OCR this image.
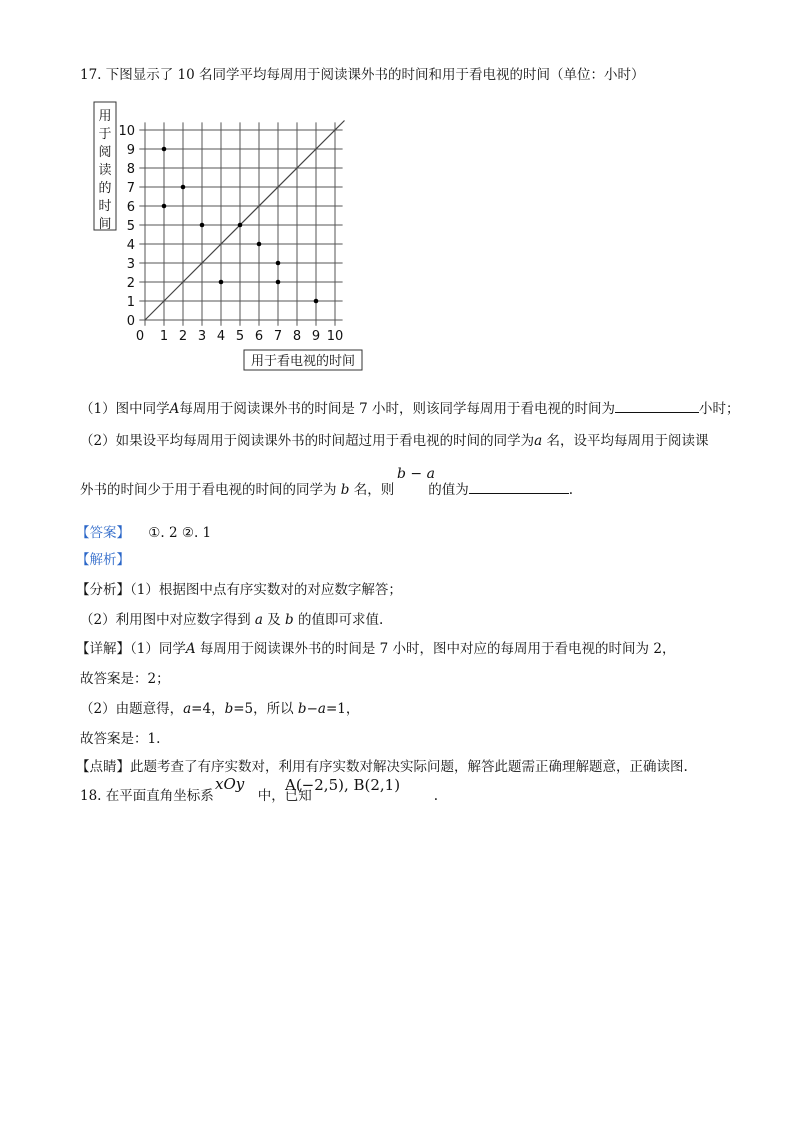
17. 下图显示了 10 名同学平均每周用于阅读课外书的时间和用于看电视的时间（单位：小时）
用于阅读的时间
用于看电视的时间
0 1 2 3 4 5 6 7 8 9 10
0
1
2
3
4
5
6
7
8
9
10
（1）图中同学A每周用于阅读课外书的时间是 7 小时，则该同学每周用于看电视的时间为	小时；
（2）如果设平均每周用于阅读课外书的时间超过用于看电视的时间的同学为a 名，设平均每周用于阅读课
外书的时间少于用于看电视的时间的同学为 b 名，则	的值为	.
b − a
【答案】 ①. 2 ②. 1
【解析】
【分析】（1）根据图中点有序实数对的对应数字解答；
（2）利用图中对应数字得到 a 及 b 的值即可求值.
【详解】（1）同学A 每周用于阅读课外书的时间是 7 小时，图中对应的每周用于看电视的时间为 2，
故答案是：2；
（2）由题意得，a=4，b=5，所以 b−a=1，
故答案是：1.
【点睛】此题考查了有序实数对，利用有序实数对解决实际问题，解答此题需正确理解题意，正确读图.
18. 在平面直角坐标系	中，已知	.
xOy	A(−2,5), B(2,1)
